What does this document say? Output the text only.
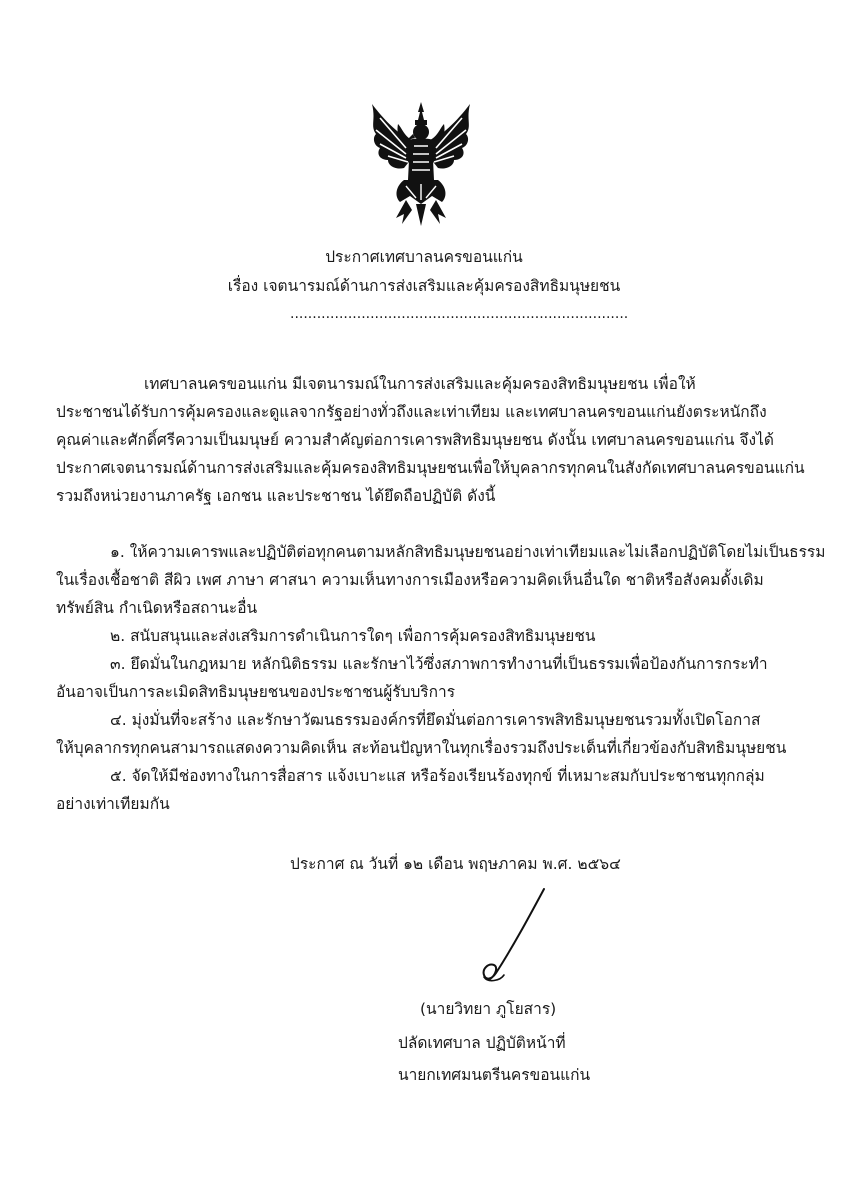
ประกาศเทศบาลนครขอนแก่น
เรื่อง เจตนารมณ์ด้านการส่งเสริมและคุ้มครองสิทธิมนุษยชน
............................................................................
เทศบาลนครขอนแก่น มีเจตนารมณ์ในการส่งเสริมและคุ้มครองสิทธิมนุษยชน เพื่อให้
ประชาชนได้รับการคุ้มครองและดูแลจากรัฐอย่างทั่วถึงและเท่าเทียม และเทศบาลนครขอนแก่นยังตระหนักถึง
คุณค่าและศักดิ์ศรีความเป็นมนุษย์ ความสำคัญต่อการเคารพสิทธิมนุษยชน ดังนั้น เทศบาลนครขอนแก่น จึงได้
ประกาศเจตนารมณ์ด้านการส่งเสริมและคุ้มครองสิทธิมนุษยชนเพื่อให้บุคลากรทุกคนในสังกัดเทศบาลนครขอนแก่น
รวมถึงหน่วยงานภาครัฐ เอกชน และประชาชน ได้ยึดถือปฏิบัติ ดังนี้
๑. ให้ความเคารพและปฏิบัติต่อทุกคนตามหลักสิทธิมนุษยชนอย่างเท่าเทียมและไม่เลือกปฏิบัติโดยไม่เป็นธรรม
ในเรื่องเชื้อชาติ สีผิว เพศ ภาษา ศาสนา ความเห็นทางการเมืองหรือความคิดเห็นอื่นใด ชาติหรือสังคมดั้งเดิม
ทรัพย์สิน กำเนิดหรือสถานะอื่น
๒. สนับสนุนและส่งเสริมการดำเนินการใดๆ เพื่อการคุ้มครองสิทธิมนุษยชน
๓. ยึดมั่นในกฎหมาย หลักนิติธรรม และรักษาไว้ซึ่งสภาพการทำงานที่เป็นธรรมเพื่อป้องกันการกระทำ
อันอาจเป็นการละเมิดสิทธิมนุษยชนของประชาชนผู้รับบริการ
๔. มุ่งมั่นที่จะสร้าง และรักษาวัฒนธรรมองค์กรที่ยึดมั่นต่อการเคารพสิทธิมนุษยชนรวมทั้งเปิดโอกาส
ให้บุคลากรทุกคนสามารถแสดงความคิดเห็น สะท้อนปัญหาในทุกเรื่องรวมถึงประเด็นที่เกี่ยวข้องกับสิทธิมนุษยชน
๕. จัดให้มีช่องทางในการสื่อสาร แจ้งเบาะแส หรือร้องเรียนร้องทุกข์ ที่เหมาะสมกับประชาชนทุกกลุ่ม
อย่างเท่าเทียมกัน
ประกาศ ณ วันที่ ๑๒ เดือน พฤษภาคม พ.ศ. ๒๕๖๔
(นายวิทยา ภูโยสาร)
ปลัดเทศบาล ปฏิบัติหน้าที่
นายกเทศมนตรีนครขอนแก่น
